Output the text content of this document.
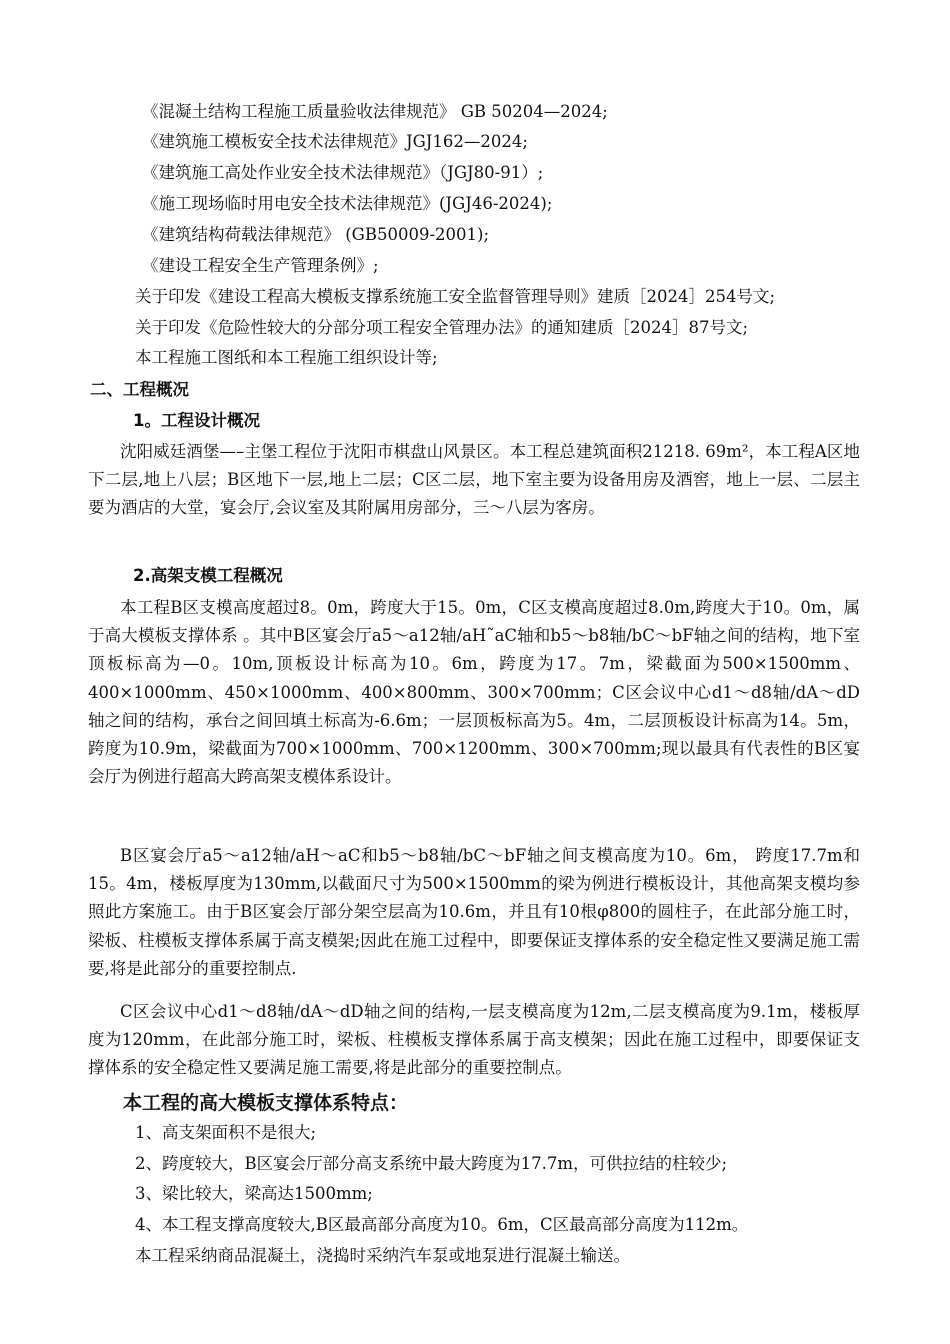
《混凝土结构工程施工质量验收法律规范》 GB 50204—2024;
《建筑施工模板安全技术法律规范》JGJ162—2024;
《建筑施工高处作业安全技术法律规范》（JGJ80-91）;
《施工现场临时用电安全技术法律规范》(JGJ46-2024);
《建筑结构荷载法律规范》 (GB50009-2001);
《建设工程安全生产管理条例》;
关于印发《建设工程高大模板支撑系统施工安全监督管理导则》建质［2024］254号文;
关于印发《危险性较大的分部分项工程安全管理办法》的通知建质［2024］87号文;
本工程施工图纸和本工程施工组织设计等;
二、工程概况
1。工程设计概况
沈阳威廷酒堡—–主堡工程位于沈阳市棋盘山风景区。本工程总建筑面积21218. 69m²，本工程A区地下二层,地上八层；B区地下一层,地上二层；C区二层，地下室主要为设备用房及酒窖，地上一层、二层主要为酒店的大堂，宴会厅,会议室及其附属用房部分，三～八层为客房。
2.高架支模工程概况
本工程B区支模高度超过8。0m，跨度大于15。0m，C区支模高度超过8.0m,跨度大于10。0m，属于高大模板支撑体系 。其中B区宴会厅a5～a12轴/aH˜aC轴和b5～b8轴/bC～bF轴之间的结构，地下室顶板标高为—0。10m,顶板设计标高为10。6m，跨度为17。7m，梁截面为500×1500mm、400×1000mm、450×1000mm、400×800mm、300×700mm；C区会议中心d1～d8轴/dA～dD轴之间的结构，承台之间回填土标高为-6.6m；一层顶板标高为5。4m，二层顶板设计标高为14。5m，跨度为10.9m，梁截面为700×1000mm、700×1200mm、300×700mm;现以最具有代表性的B区宴会厅为例进行超高大跨高架支模体系设计。
B区宴会厅a5～a12轴/aH～aC和b5～b8轴/bC～bF轴之间支模高度为10。6m， 跨度17.7m和15。4m，楼板厚度为130mm,以截面尺寸为500×1500mm的梁为例进行模板设计，其他高架支模均参照此方案施工。由于B区宴会厅部分架空层高为10.6m，并且有10根φ800的圆柱子，在此部分施工时，梁板、柱模板支撑体系属于高支模架;因此在施工过程中，即要保证支撑体系的安全稳定性又要满足施工需要,将是此部分的重要控制点.
C区会议中心d1～d8轴/dA～dD轴之间的结构,一层支模高度为12m,二层支模高度为9.1m，楼板厚度为120mm，在此部分施工时，梁板、柱模板支撑体系属于高支模架；因此在施工过程中，即要保证支撑体系的安全稳定性又要满足施工需要,将是此部分的重要控制点。
本工程的高大模板支撑体系特点：
1、高支架面积不是很大;
2、跨度较大，B区宴会厅部分高支系统中最大跨度为17.7m，可供拉结的柱较少;
3、梁比较大，梁高达1500mm;
4、本工程支撑高度较大,B区最高部分高度为10。6m，C区最高部分高度为112m。
本工程采纳商品混凝土，浇捣时采纳汽车泵或地泵进行混凝土输送。
